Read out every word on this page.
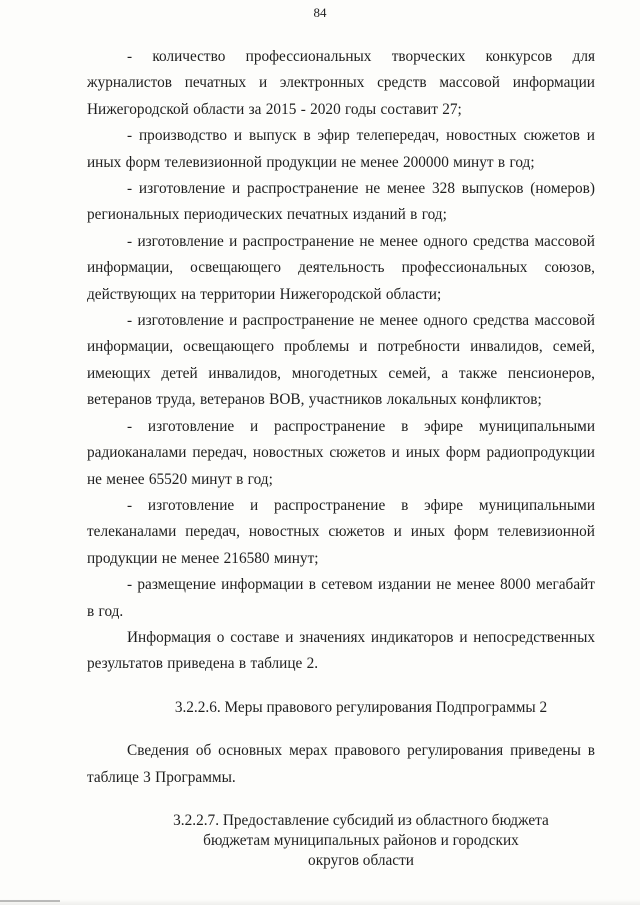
84

- количество профессиональных творческих конкурсов для журналистов печатных и электронных средств массовой информации Нижегородской области за 2015 - 2020 годы составит 27;

- производство и выпуск в эфир телепередач, новостных сюжетов и иных форм телевизионной продукции не менее 200000 минут в год;

- изготовление и распространение не менее 328 выпусков (номеров) региональных периодических печатных изданий в год;

- изготовление и распространение не менее одного средства массовой информации, освещающего деятельность профессиональных союзов, действующих на территории Нижегородской области;

- изготовление и распространение не менее одного средства массовой информации, освещающего проблемы и потребности инвалидов, семей, имеющих детей инвалидов, многодетных семей, а также пенсионеров, ветеранов труда, ветеранов ВОВ, участников локальных конфликтов;

- изготовление и распространение в эфире муниципальными радиоканалами передач, новостных сюжетов и иных форм радиопродукции не менее 65520 минут в год;

- изготовление и распространение в эфире муниципальными телеканалами передач, новостных сюжетов и иных форм телевизионной продукции не менее 216580 минут;

- размещение информации в сетевом издании не менее 8000 мегабайт в год.

Информация о составе и значениях индикаторов и непосредственных результатов приведена в таблице 2.

3.2.2.6. Меры правового регулирования Подпрограммы 2

Сведения об основных мерах правового регулирования приведены в таблице 3 Программы.

3.2.2.7. Предоставление субсидий из областного бюджета

бюджетам муниципальных районов и городских

округов области
